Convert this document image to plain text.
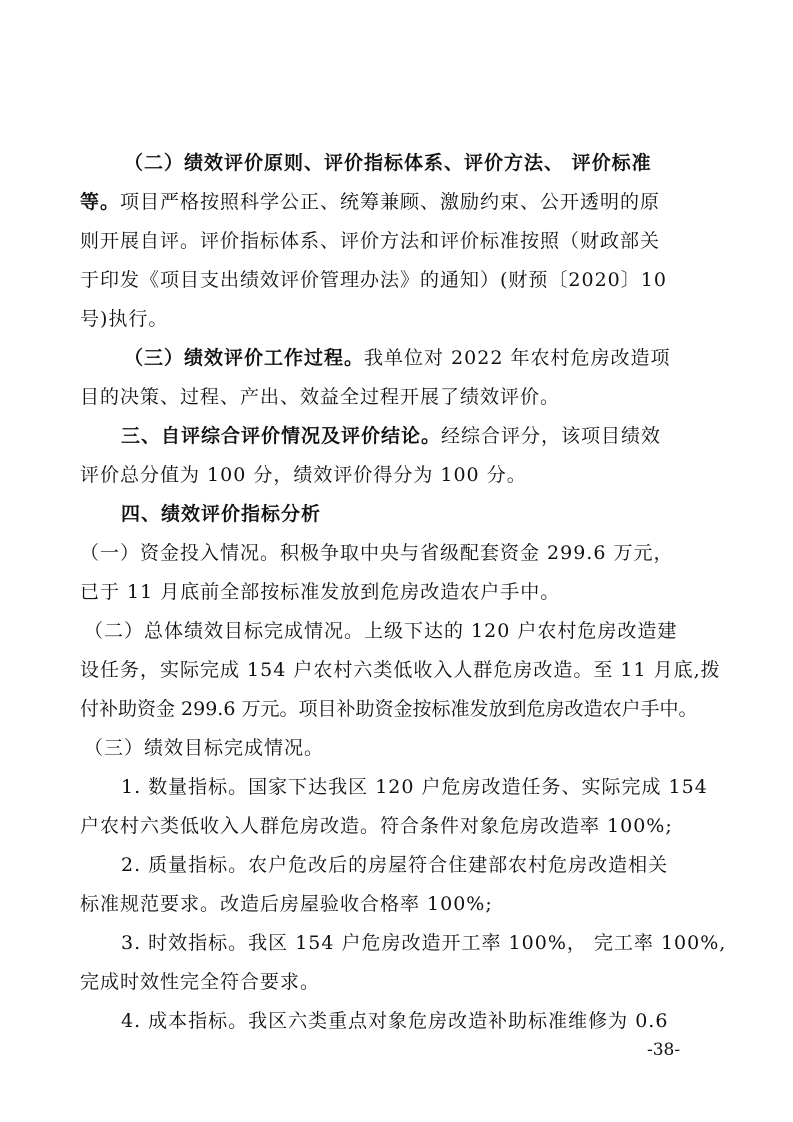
（二）绩效评价原则、评价指标体系、评价方法、 评价标准
等。项目严格按照科学公正、统筹兼顾、激励约束、公开透明的原
则开展自评。评价指标体系、评价方法和评价标准按照（财政部关
于印发《项目支出绩效评价管理办法》的通知）(财预〔2020〕10
号)执行。
（三）绩效评价工作过程。我单位对 2022 年农村危房改造项
目的决策、过程、产出、效益全过程开展了绩效评价。
三、自评综合评价情况及评价结论。经综合评分，该项目绩效
评价总分值为 100 分，绩效评价得分为 100 分。
四、绩效评价指标分析
（一）资金投入情况。积极争取中央与省级配套资金 299.6 万元，
已于 11 月底前全部按标准发放到危房改造农户手中。
（二）总体绩效目标完成情况。上级下达的 120 户农村危房改造建
设任务，实际完成 154 户农村六类低收入人群危房改造。至 11 月底,拨
付补助资金 299.6 万元。项目补助资金按标准发放到危房改造农户手中。
（三）绩效目标完成情况。
1. 数量指标。国家下达我区 120 户危房改造任务、实际完成 154
户农村六类低收入人群危房改造。符合条件对象危房改造率 100%;
2. 质量指标。农户危改后的房屋符合住建部农村危房改造相关
标准规范要求。改造后房屋验收合格率 100%;
3. 时效指标。我区 154 户危房改造开工率 100%， 完工率 100%,
完成时效性完全符合要求。
4. 成本指标。我区六类重点对象危房改造补助标准维修为 0.6
-38-
